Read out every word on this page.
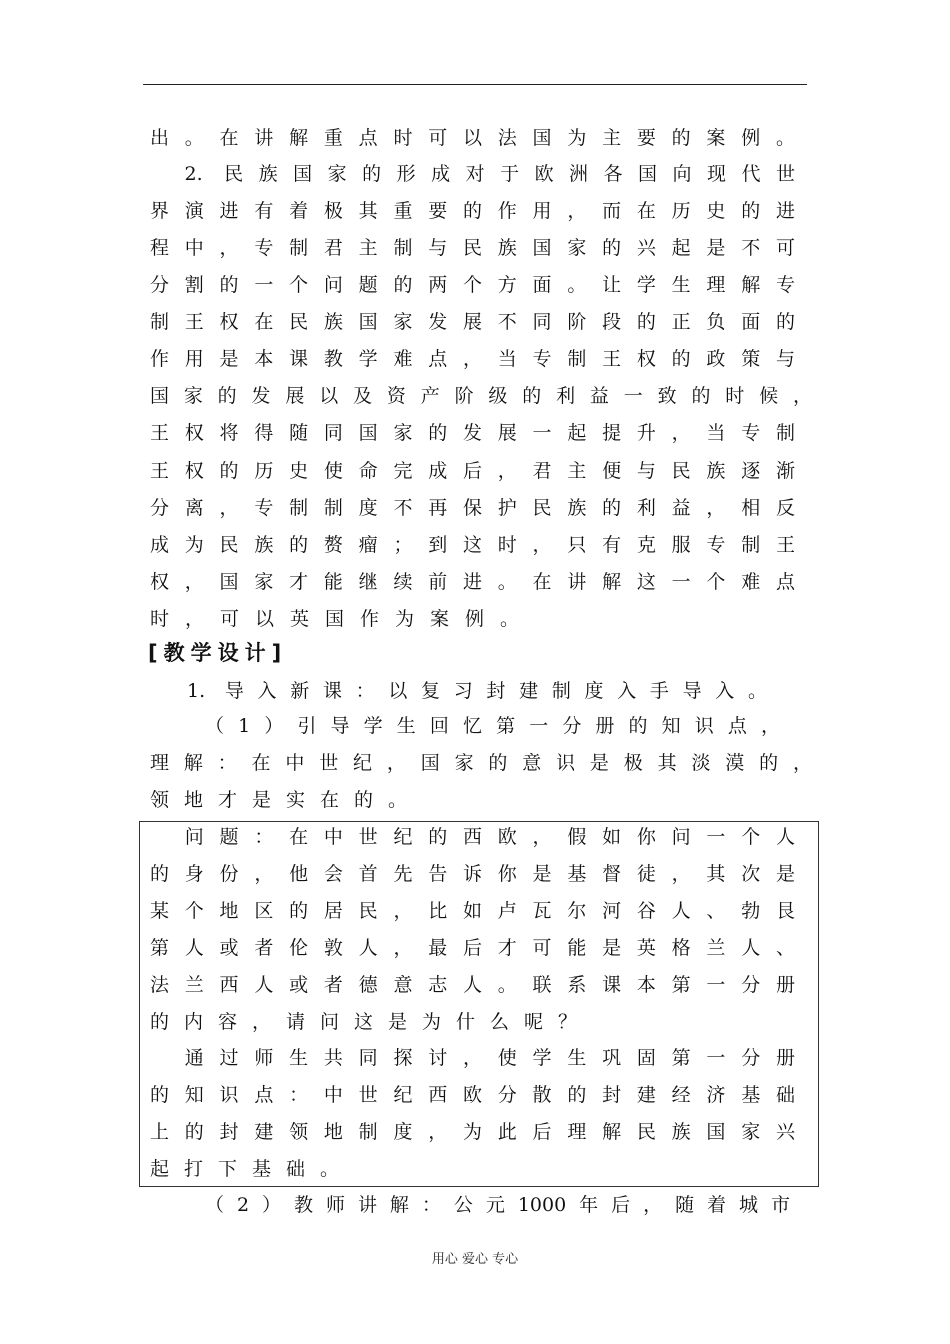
出。在讲解重点时可以法国为主要的案例。
　2. 民族国家的形成对于欧洲各国向现代世
界演进有着极其重要的作用，而在历史的进
程中，专制君主制与民族国家的兴起是不可
分割的一个问题的两个方面。让学生理解专
制王权在民族国家发展不同阶段的正负面的
作用是本课教学难点，当专制王权的政策与
国家的发展以及资产阶级的利益一致的时候，
王权将得随同国家的发展一起提升，当专制
王权的历史使命完成后，君主便与民族逐渐
分离，专制制度不再保护民族的利益，相反
成为民族的赘瘤；到这时，只有克服专制王
权，国家才能继续前进。在讲解这一个难点
时，可以英国作为案例。
[教学设计]
1. 导入新课：以复习封建制度入手导入。
（1）引导学生回忆第一分册的知识点，
理解：在中世纪，国家的意识是极其淡漠的，
领地才是实在的。
　问题：在中世纪的西欧，假如你问一个人
的身份，他会首先告诉你是基督徒，其次是
某个地区的居民，比如卢瓦尔河谷人、勃艮
第人或者伦敦人，最后才可能是英格兰人、
法兰西人或者德意志人。联系课本第一分册
的内容，请问这是为什么呢？
　通过师生共同探讨，使学生巩固第一分册
的知识点：中世纪西欧分散的封建经济基础
上的封建领地制度，为此后理解民族国家兴
起打下基础。
（2）教师讲解：公元1000年后，随着城市
用心 爱心 专心
